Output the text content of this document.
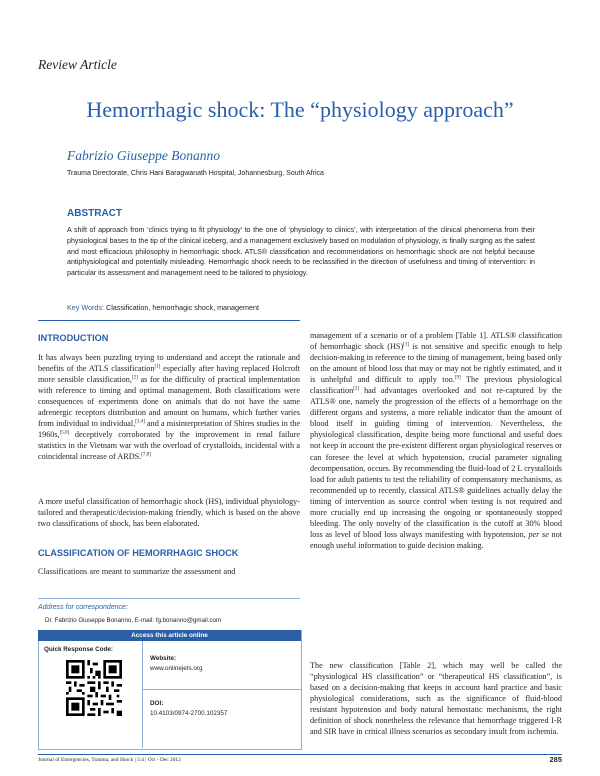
Review Article
Hemorrhagic shock: The “physiology approach”
Fabrizio Giuseppe Bonanno
Trauma Directorate, Chris Hani Baragwanath Hospital, Johannesburg, South Africa
ABSTRACT
A shift of approach from ‘clinics trying to fit physiology’ to the one of ‘physiology to clinics’, with interpretation of the clinical phenomena from their physiological bases to the tip of the clinical iceberg, and a management exclusively based on modulation of physiology, is finally surging as the safest and most efficacious philosophy in hemorrhagic shock. ATLS® classification and recommendations on hemorrhagic shock are not helpful because antiphysiological and potentially misleading. Hemorrhagic shock needs to be reclassified in the direction of usefulness and timing of intervention: in particular its assessment and management need to be tailored to physiology.
Key Words: Classification, hemorrhagic shock, management
INTRODUCTION
It has always been puzzling trying to understand and accept the rationale and benefits of the ATLS classification[1] especially after having replaced Holcroft more sensible classification,[2] as for the difficulty of practical implementation with reference to timing and optimal management. Both classifications were consequences of experiments done on animals that do not have the same adrenergic receptors distribution and amount on humans, which further varies from individual to individual,[3,4] and a misinterpretation of Shires studies in the 1960s,[5,6] deceptively corroborated by the improvement in renal failure statistics in the Vietnam war with the overload of crystalloids, incidental with a coincidental increase of ARDS.[7,8]
A more useful classification of hemorrhagic shock (HS), individual physiology-tailored and therapeutic/decision-making friendly, which is based on the above two classifications of shock, has been elaborated.
CLASSIFICATION OF HEMORRHAGIC SHOCK
Classifications are meant to summarize the assessment and
management of a scenario or of a problem [Table 1]. ATLS® classification of hemorrhagic shock (HS)[1] is not sensitive and specific enough to help decision-making in reference to the timing of management, being based only on the amount of blood loss that may or may not be rightly estimated, and it is unhelpful and difficult to apply too.[9] The previous physiological classification[2] had advantages overlooked and not re-captured by the ATLS® one, namely the progression of the effects of a hemorrhage on the different organs and systems, a more reliable indicator than the amount of blood itself in guiding timing of intervention. Nevertheless, the physiological classification, despite being more functional and useful does not keep in account the pre-existent different organ physiological reserves or can foresee the level at which hypotension, crucial parameter signaling decompensation, occurs. By recommending the fluid-load of 2 L crystalloids load for adult patients to test the reliability of compensatory mechanisms, as recommended up to recently, classical ATLS® guidelines actually delay the timing of intervention as source control when testing is not required and more crucially end up increasing the ongoing or spontaneously stopped bleeding. The only novelty of the classification is the cutoff at 30% blood loss as level of blood loss always manifesting with hypotension, per se not enough useful information to guide decision making.
The new classification [Table 2], which may well be called the “physiological HS classification” or “therapeutical HS classification”, is based on a decision-making that keeps in account hard practice and basic physiological considerations, such as the significance of fluid-blood resistant hypotension and body natural hemostatic mechanisms, the right definition of shock nonetheless the relevance that hemorrhage triggered I-R and SIR have in critical illness scenarios as secondary insult from ischemia.
Address for correspondence:
Dr. Fabrizio Giuseppe Bonanno, E-mail: fg.bonanno@gmail.com
Access this article online
Quick Response Code:
Website:
www.onlinejets.org
DOI:
10.4103/0974-2700.102357
Journal of Emergencies, Trauma, and Shock | 5:4 | Oct - Dec 2012	285
